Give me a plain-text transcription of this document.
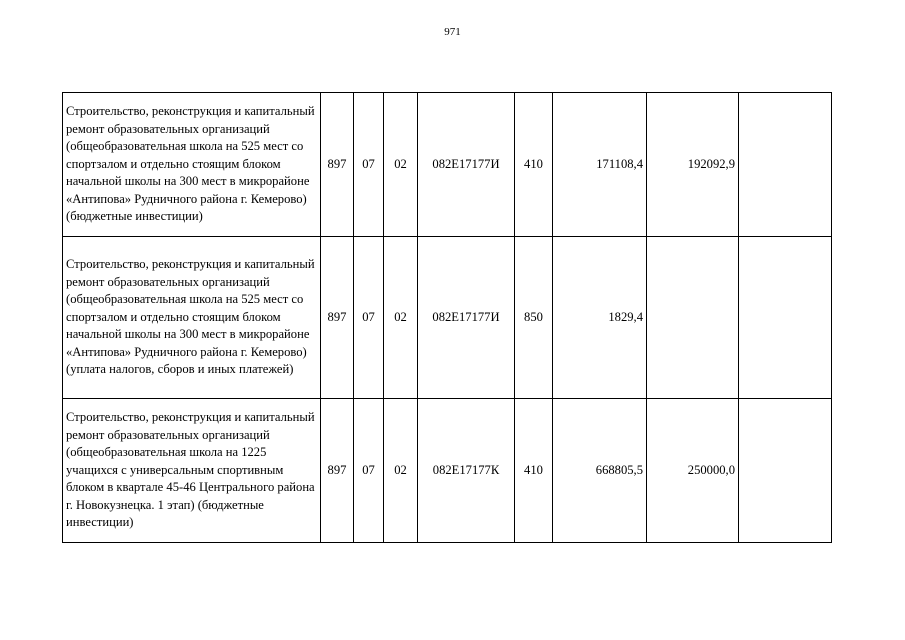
971
Строительство, реконструкция и капитальный ремонт образовательных организаций (общеобразовательная школа на 525 мест со спортзалом и отдельно стоящим блоком начальной школы на 300 мест в микрорайоне «Антипова» Рудничного района г. Кемерово) (бюджетные инвестиции)	897	07	02	082Е17177И	410	171108,4	192092,9	
Строительство, реконструкция и капитальный ремонт образовательных организаций (общеобразовательная школа на 525 мест со спортзалом и отдельно стоящим блоком начальной школы на 300 мест в микрорайоне «Антипова» Рудничного района г. Кемерово) (уплата налогов, сборов и иных платежей)	897	07	02	082Е17177И	850	1829,4		
Строительство, реконструкция и капитальный ремонт образовательных организаций (общеобразовательная школа на 1225 учащихся с универсальным спортивным блоком в квартале 45-46 Центрального района г. Новокузнецка. 1 этап) (бюджетные инвестиции)	897	07	02	082Е17177К	410	668805,5	250000,0	
